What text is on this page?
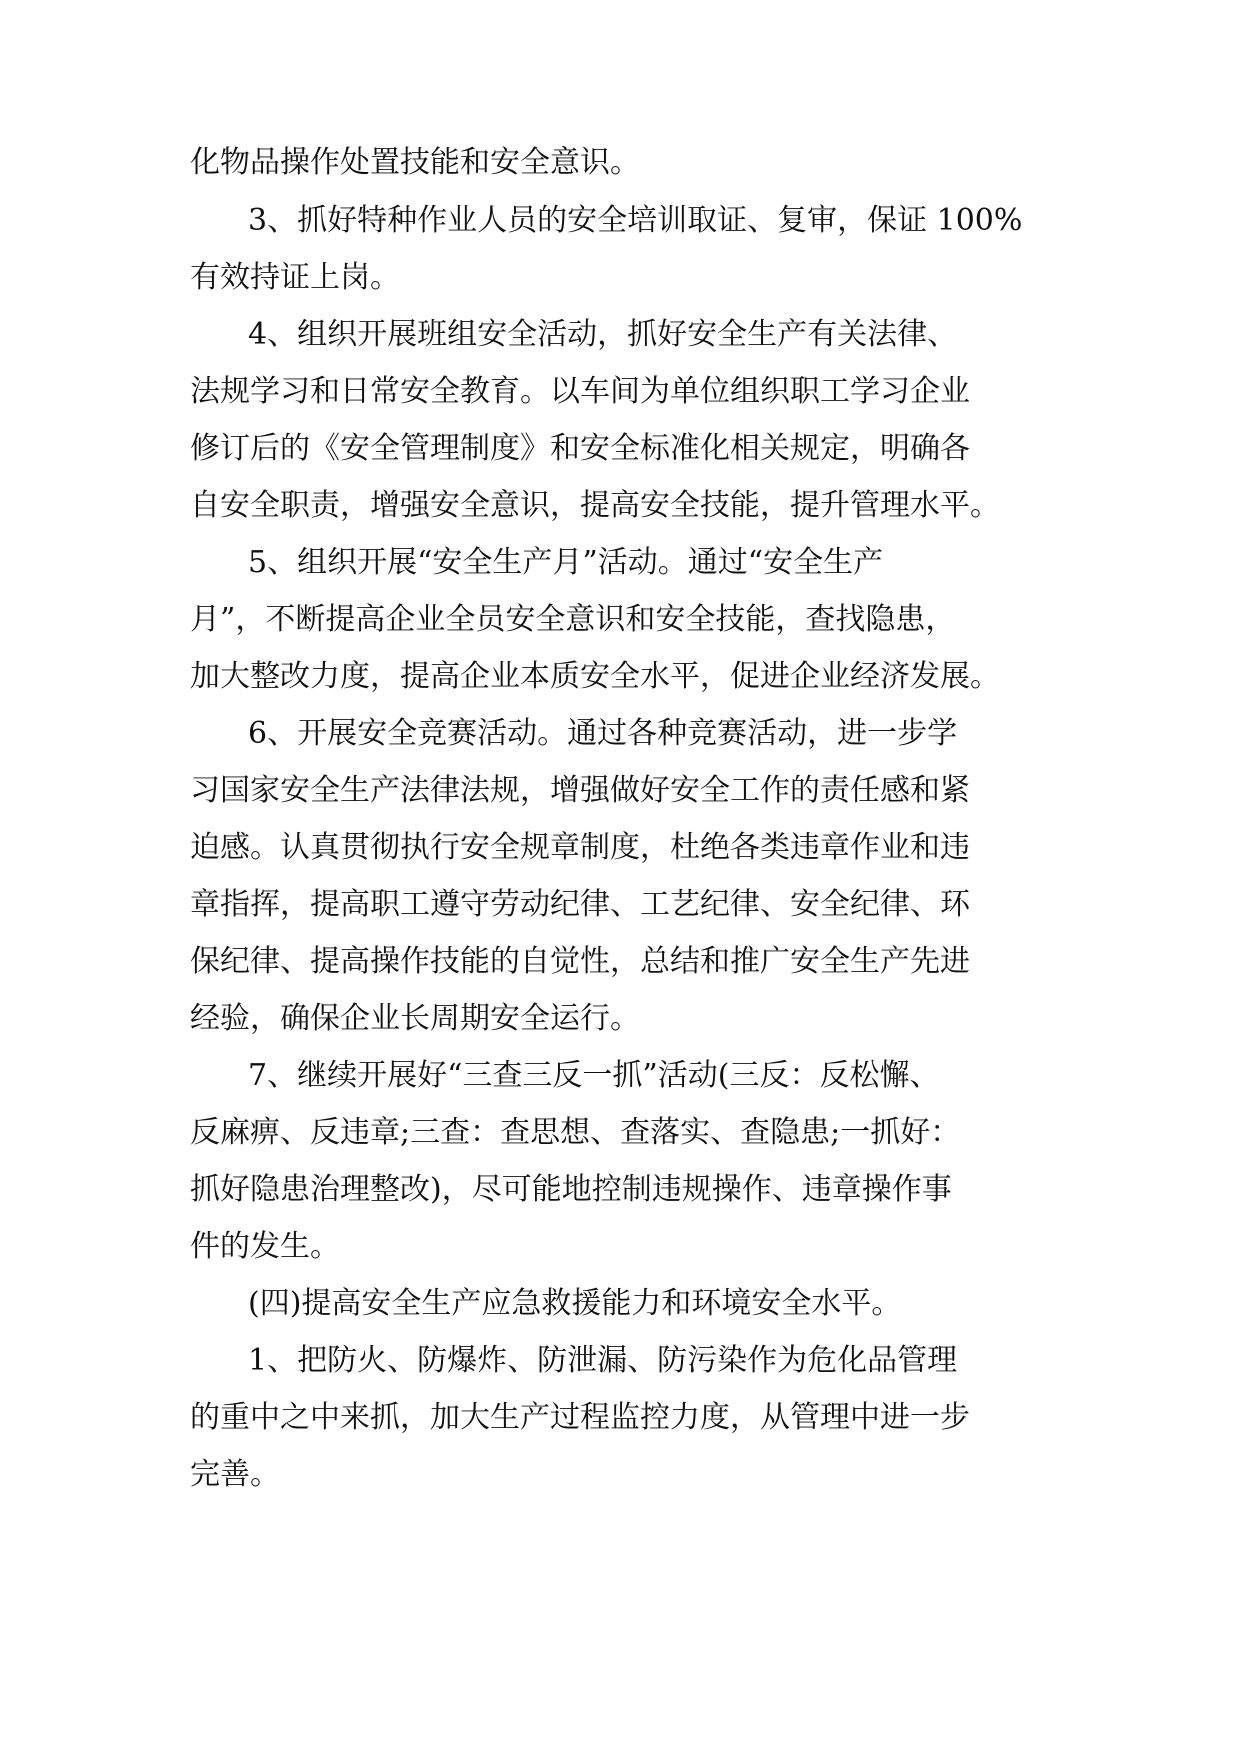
化物品操作处置技能和安全意识。
3、抓好特种作业人员的安全培训取证、复审，保证 100%
有效持证上岗。
4、组织开展班组安全活动，抓好安全生产有关法律、
法规学习和日常安全教育。以车间为单位组织职工学习企业
修订后的《安全管理制度》和安全标准化相关规定，明确各
自安全职责，增强安全意识，提高安全技能，提升管理水平。
5、组织开展“安全生产月”活动。通过“安全生产
月”，不断提高企业全员安全意识和安全技能，查找隐患，
加大整改力度，提高企业本质安全水平，促进企业经济发展。
6、开展安全竞赛活动。通过各种竞赛活动，进一步学
习国家安全生产法律法规，增强做好安全工作的责任感和紧
迫感。认真贯彻执行安全规章制度，杜绝各类违章作业和违
章指挥，提高职工遵守劳动纪律、工艺纪律、安全纪律、环
保纪律、提高操作技能的自觉性，总结和推广安全生产先进
经验，确保企业长周期安全运行。
7、继续开展好“三查三反一抓”活动(三反：反松懈、
反麻痹、反违章;三查：查思想、查落实、查隐患;一抓好：
抓好隐患治理整改)，尽可能地控制违规操作、违章操作事
件的发生。
(四)提高安全生产应急救援能力和环境安全水平。
1、把防火、防爆炸、防泄漏、防污染作为危化品管理
的重中之中来抓，加大生产过程监控力度，从管理中进一步
完善。
